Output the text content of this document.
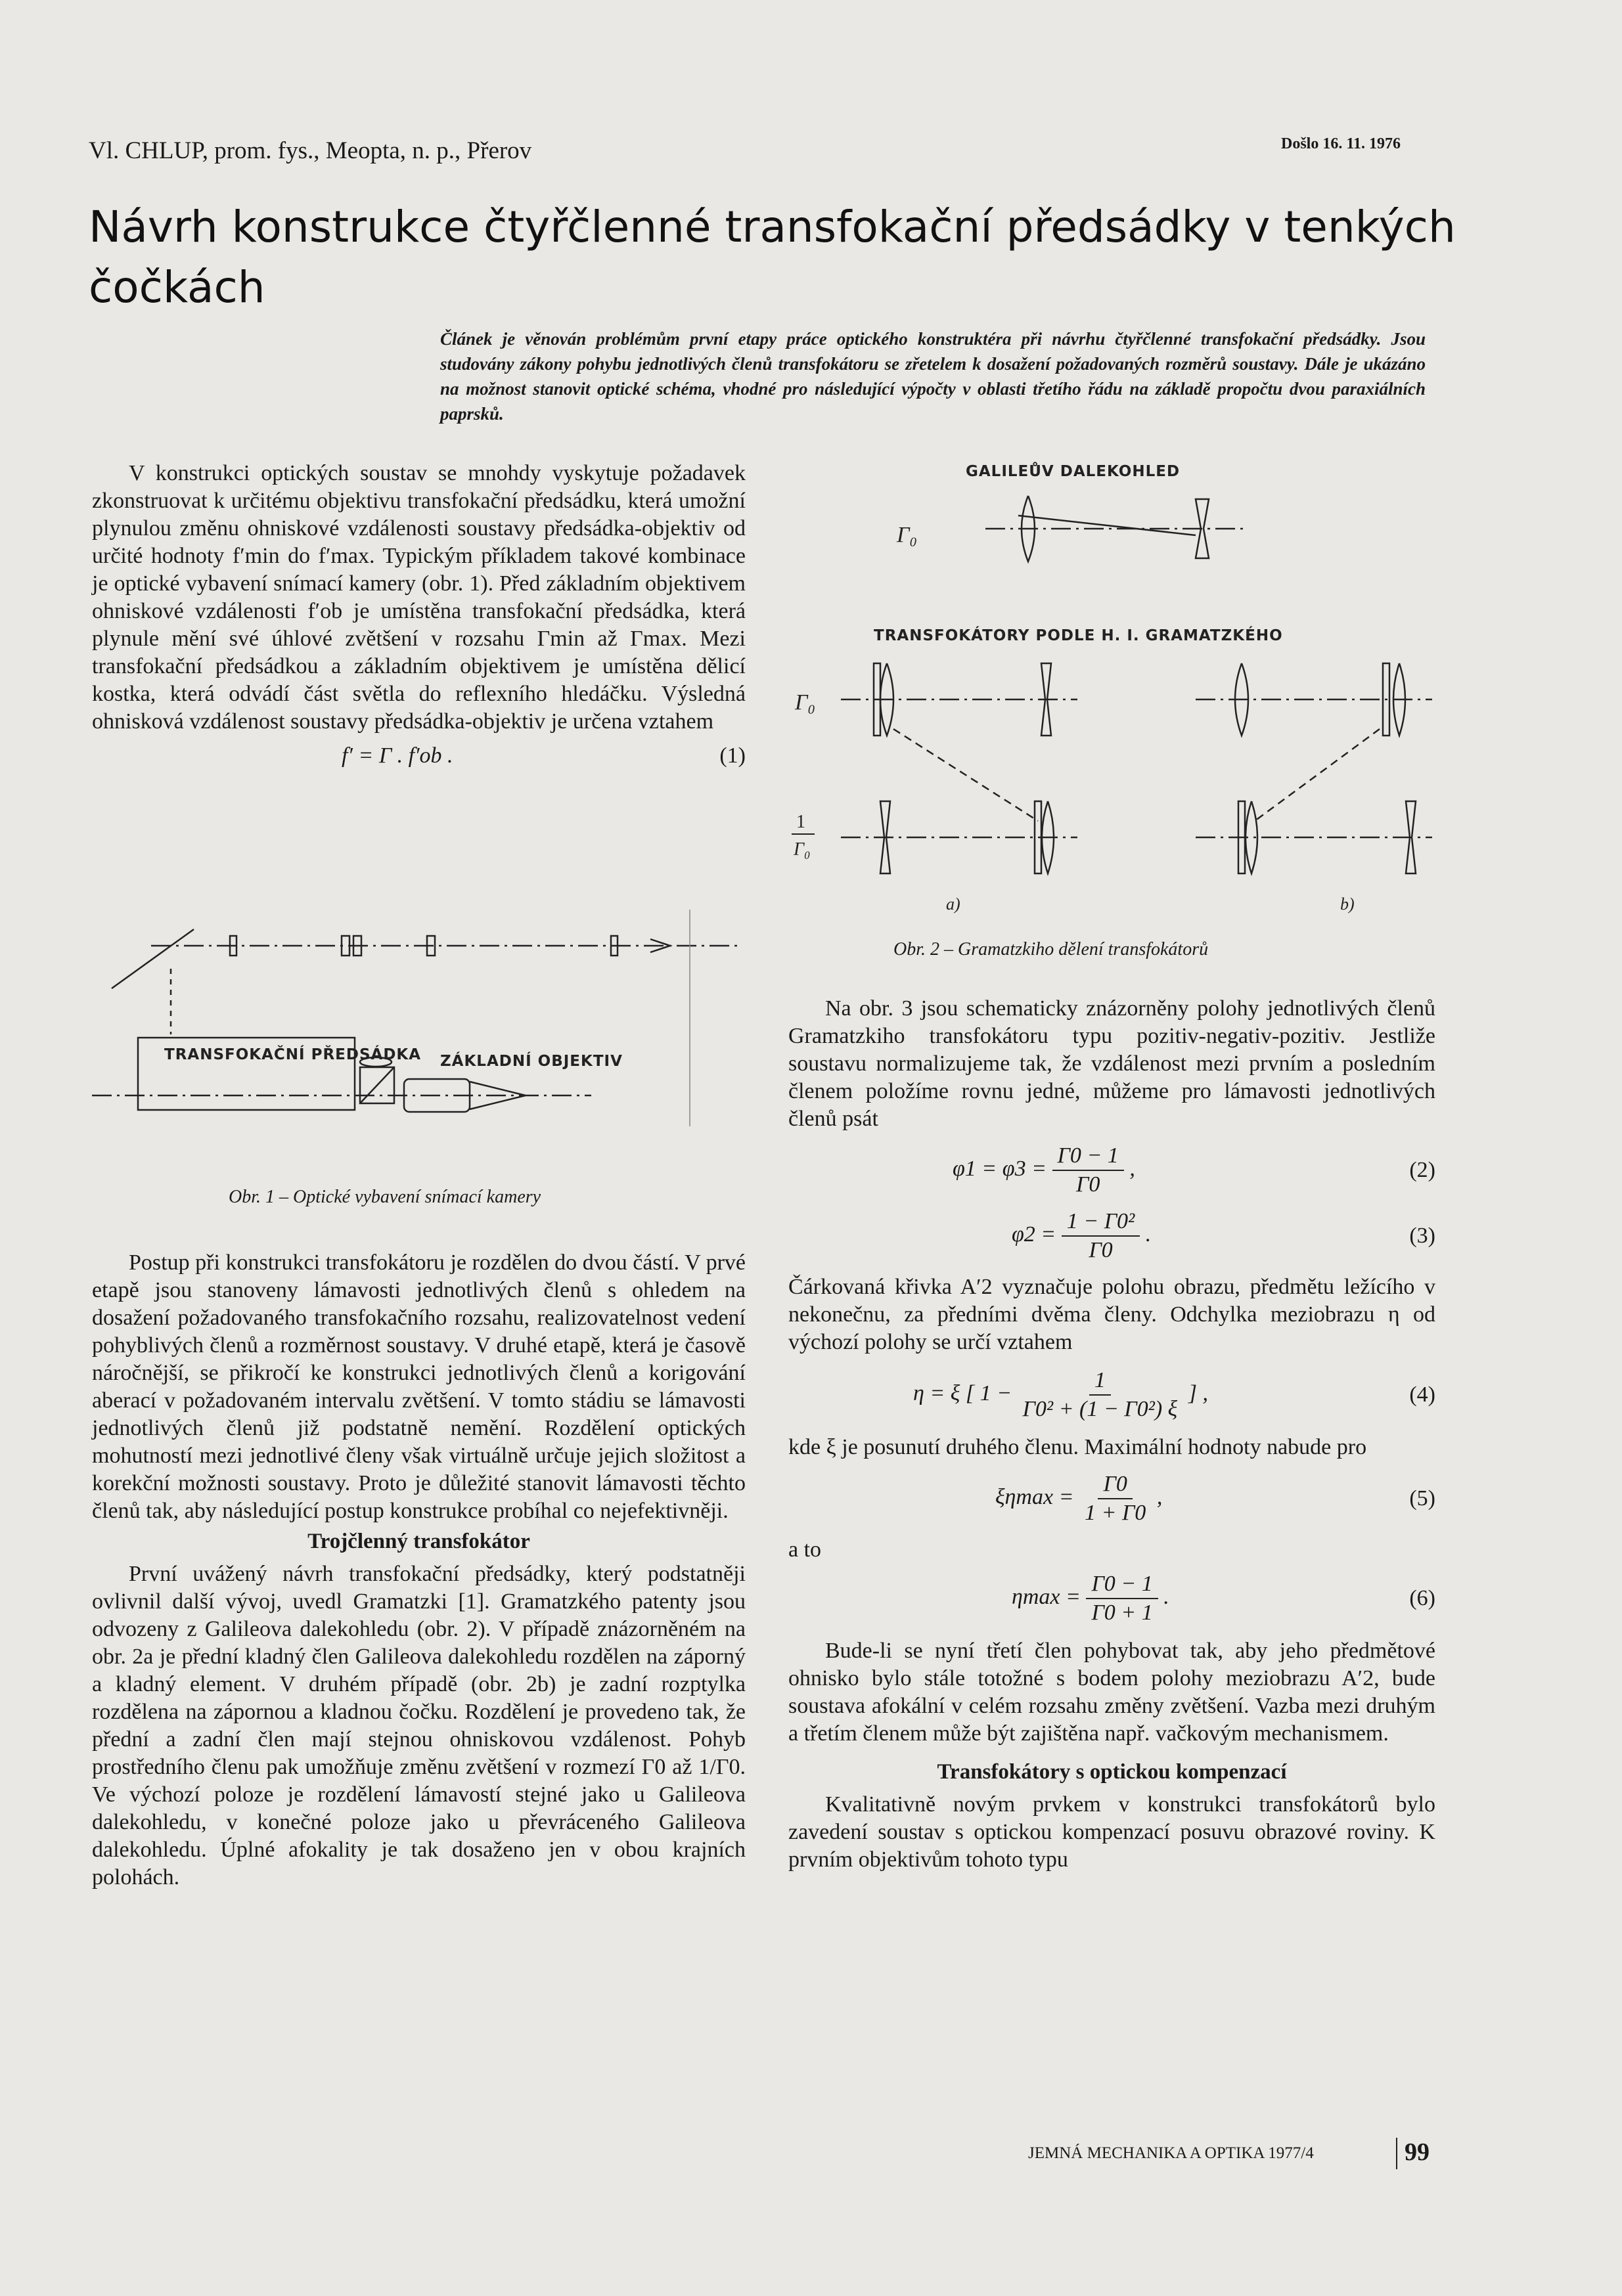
Vl. CHLUP, prom. fys., Meopta, n. p., Přerov	Došlo 16. 11. 1976
Návrh konstrukce čtyřčlenné transfokační předsádky v tenkých čočkách
Článek je věnován problémům první etapy práce optického konstruktéra při návrhu čtyřčlenné transfokační předsádky. Jsou studovány zákony pohybu jednotlivých členů transfokátoru se zřetelem k dosažení požadovaných rozměrů soustavy. Dále je ukázáno na možnost stanovit optické schéma, vhodné pro následující výpočty v oblasti třetího řádu na základě propočtu dvou paraxiálních paprsků.

V konstrukci optických soustav se mnohdy vyskytuje požadavek zkonstruovat k určitému objektivu transfokační předsádku, která umožní plynulou změnu ohniskové vzdálenosti soustavy předsádka-objektiv od určité hodnoty f′min do f′max. Typickým příkladem takové kombinace je optické vybavení snímací kamery (obr. 1). Před základním objektivem ohniskové vzdálenosti f′ob je umístěna transfokační předsádka, která plynule mění své úhlové zvětšení v rozsahu Γmin až Γmax. Mezi transfokační předsádkou a základním objektivem je umístěna dělicí kostka, která odvádí část světla do reflexního hledáčku. Výsledná ohnisková vzdálenost soustavy předsádka-objektiv je určena vztahem

f′ = Γ . f′ob .	(1)
TRANSFOKAČNÍ PŘEDSÁDKA ZÁKLADNÍ OBJEKTIV
Obr. 1 – Optické vybavení snímací kamery

Postup při konstrukci transfokátoru je rozdělen do dvou částí. V prvé etapě jsou stanoveny lámavosti jednotlivých členů s ohledem na dosažení požadovaného transfokačního rozsahu, realizovatelnost vedení pohyblivých členů a rozměrnost soustavy. V druhé etapě, která je časově náročnější, se přikročí ke konstrukci jednotlivých členů a korigování aberací v požadovaném intervalu zvětšení. V tomto stádiu se lámavosti jednotlivých členů již podstatně nemění. Rozdělení optických mohutností mezi jednotlivé členy však virtuálně určuje jejich složitost a korekční možnosti soustavy. Proto je důležité stanovit lámavosti těchto členů tak, aby následující postup konstrukce probíhal co nejefektivněji.

Trojčlenný transfokátor

První uvážený návrh transfokační předsádky, který podstatněji ovlivnil další vývoj, uvedl Gramatzki [1]. Gramatzkého patenty jsou odvozeny z Galileova dalekohledu (obr. 2). V případě znázorněném na obr. 2a je přední kladný člen Galileova dalekohledu rozdělen na záporný a kladný element. V druhém případě (obr. 2b) je zadní rozptylka rozdělena na zápornou a kladnou čočku. Rozdělení je provedeno tak, že přední a zadní člen mají stejnou ohniskovou vzdálenost. Pohyb prostředního členu pak umožňuje změnu zvětšení v rozmezí Γ0 až 1/Γ0. Ve výchozí poloze je rozdělení lámavostí stejné jako u Galileova dalekohledu, v konečné poloze jako u převráceného Galileova dalekohledu. Úplné afokality je tak dosaženo jen v obou krajních polohách.

GALILEŮV DALEKOHLED
TRANSFOKÁTORY PODLE H. I. GRAMATZKÉHO
Γ₀
Γ₀
1
Γ₀
a)	b)
Obr. 2 – Gramatzkiho dělení transfokátorů

Na obr. 3 jsou schematicky znázorněny polohy jednotlivých členů Gramatzkiho transfokátoru typu pozitiv-negativ-pozitiv. Jestliže soustavu normalizujeme tak, že vzdálenost mezi prvním a posledním členem položíme rovnu jedné, můžeme pro lámavosti jednotlivých členů psát

$\varphi 1 = \varphi 3 = \frac{\Gamma 0 - 1}{\Gamma 0}$ ,	(2)
$\varphi 2 = \frac{\text{1 − Γ0²}}{\Gamma 0}$ .	(3)

Čárkovaná křivka A′2 vyznačuje polohu obrazu, předmětu ležícího v nekonečnu, za předními dvěma členy. Odchylka meziobrazu η od výchozí polohy se určí vztahem

η = ξ [ $1 - \frac{1}{\text{Γ0² + (1 − Γ0²) ξ}}$ ] ,	(4)

kde ξ je posunutí druhého členu. Maximální hodnoty nabude pro

$\xi\eta\max = \frac{\Gamma 0}{1 + \Gamma 0}$ ,	(5)

a to

$\eta\max = \frac{\Gamma 0 - 1}{\Gamma 0 + 1}$ .	(6)

Bude-li se nyní třetí člen pohybovat tak, aby jeho předmětové ohnisko bylo stále totožné s bodem polohy meziobrazu A′2, bude soustava afokální v celém rozsahu změny zvětšení. Vazba mezi druhým a třetím členem může být zajištěna např. vačkovým mechanismem.

Transfokátory s optickou kompenzací

Kvalitativně novým prvkem v konstrukci transfokátorů bylo zavedení soustav s optickou kompenzací posuvu obrazové roviny. K prvním objektivům tohoto typu

JEMNÁ MECHANIKA A OPTIKA 1977/4	99
